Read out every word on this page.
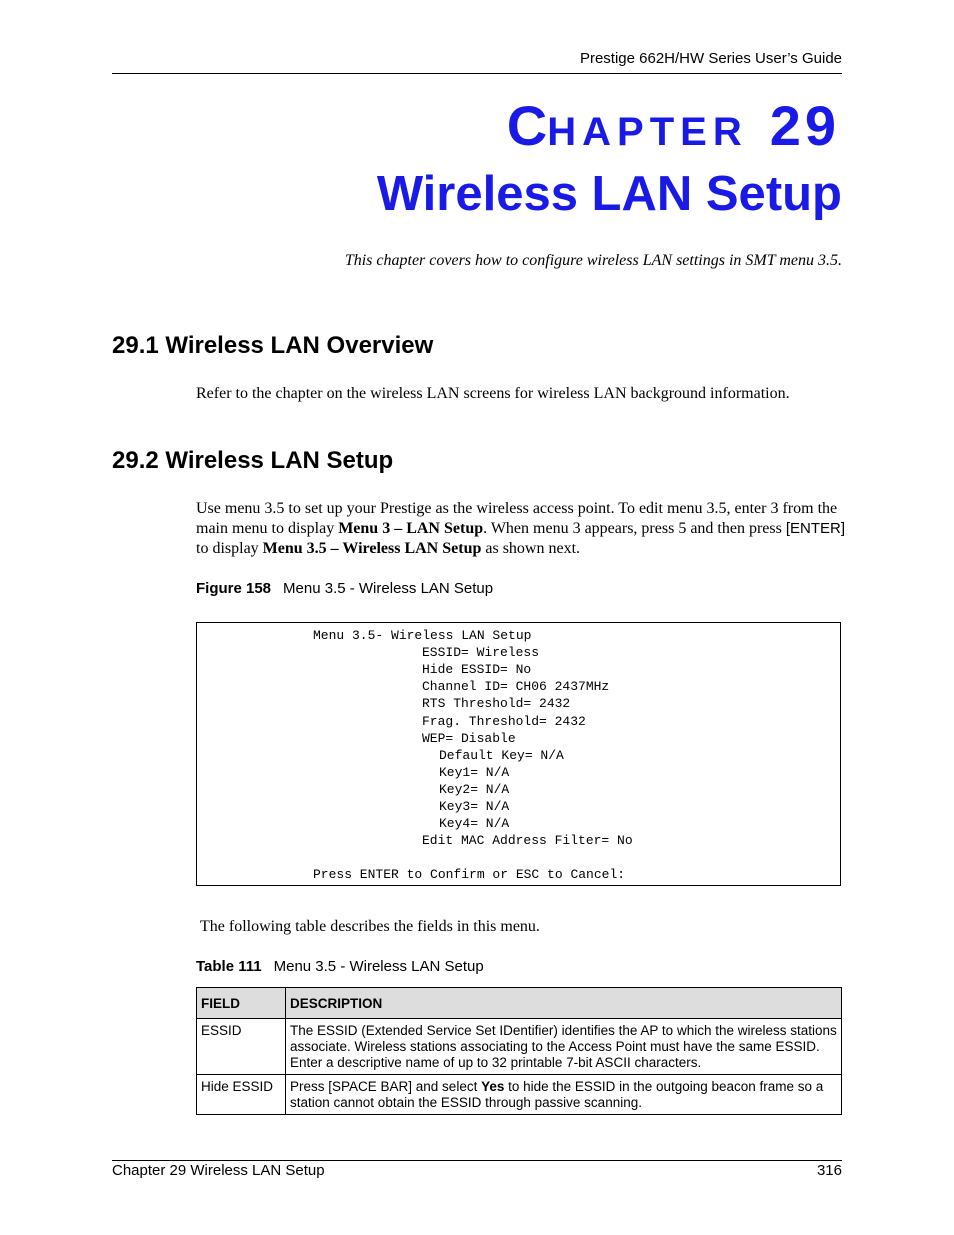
Prestige 662H/HW Series User’s Guide
CHAPTER 29
Wireless LAN Setup
This chapter covers how to configure wireless LAN settings in SMT menu 3.5.
29.1 Wireless LAN Overview
Refer to the chapter on the wireless LAN screens for wireless LAN background information.
29.2 Wireless LAN Setup
Use menu 3.5 to set up your Prestige as the wireless access point. To edit menu 3.5, enter 3 from the main menu to display Menu 3 – LAN Setup. When menu 3 appears, press 5 and then press [ENTER] to display Menu 3.5 – Wireless LAN Setup as shown next.
Figure 158 Menu 3.5 - Wireless LAN Setup
Menu 3.5- Wireless LAN Setup
ESSID= Wireless
Hide ESSID= No
Channel ID= CH06 2437MHz
RTS Threshold= 2432
Frag. Threshold= 2432
WEP= Disable
Default Key= N/A
Key1= N/A
Key2= N/A
Key3= N/A
Key4= N/A
Edit MAC Address Filter= No
Press ENTER to Confirm or ESC to Cancel:
The following table describes the fields in this menu.
Table 111 Menu 3.5 - Wireless LAN Setup
FIELD	DESCRIPTION
ESSID	The ESSID (Extended Service Set IDentifier) identifies the AP to which the wireless stations associate. Wireless stations associating to the Access Point must have the same ESSID. Enter a descriptive name of up to 32 printable 7-bit ASCII characters.
Hide ESSID	Press [SPACE BAR] and select Yes to hide the ESSID in the outgoing beacon frame so a station cannot obtain the ESSID through passive scanning.
Chapter 29 Wireless LAN Setup	316
